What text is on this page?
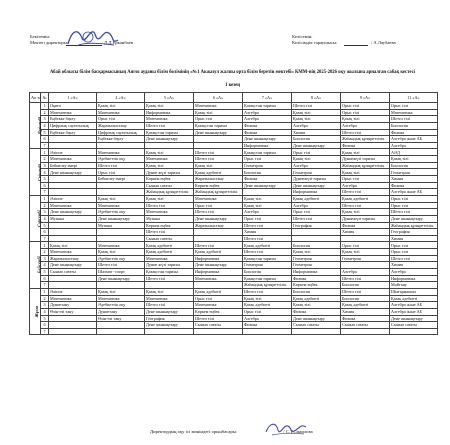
Бекітемін:
Мектеп директоры:	Д.Д.Ерканбаев
Келісемін:
Келісімдік тараушысы:	/ А.Лаубаева
Абай облысы білім басқармасының Аягөз ауданы білім бөлімінің «№1 Акжазул жалпы орта білім беретін мектебі» КММ-нің 2025-2026 оқу жылына арналған сабақ кестесі
1 кезең
Ап та	№	1 «А»	4 «А»	5 «А»	6 «А»	7 «А»	8 «А»	9 «А»	11 «А»
Дүйсенбі	1	Оқиға	Қазақ тілі	Қазақ тілі	Математика	Қазақстан тарихы	Шетел тілі	Орыс тілі	Орыс тілі
	2	Математика	Математика	Информатика	Қазақ тілі	Алгебра	Қазақ тілі	Орыс тілі	Математика
	3	Еңбекке баулу	Орыс тілі	Математика	Орыс тілі	Алгебра	Қазақ тілі	Қазақ тілі	Шетел тілі
	4	Цифрлық сауаттылық	Жаратылыстану	Шетел тілі	Қазақстан тарихы	Физика	Алгебра	Алгебра	Биология
	5	Еңбекке баулу	Цифрлық сауаттылық	Қазақстан тарихы	Дене шынықтыру	Физика	Химия	Шетел тілі	Физика
	6		Еңбекке баулу	Дене шынықтыру		Дене шынықтыру	Биология	Жаһандық құзыреттілік	Алгебра және АБ
	7					Информатика	Дене шынықтыру	Физика	Алгебра
Сейсенбі	1	Әліппе	Математика	Қазақ тілі	Шетел тілі	Қазақстан тарихы	Орыс тілі	Қазақ тілі	АӘД
	2	Математика	Әдебиеттік оқу	Математика	Шетел тілі	Орыс тілі	Қазақ тілі	Дүниежүзі тарихы	Қазақ тілі
	3	Бейнелеу өнері	Шетел тілі	Қазақ тілі	Қазақ тілі	Геометрия	Алгебра	Жаһандық құзыреттілік	Биология
	4	Дене шынықтыру	Орыс тілі	Дүние жүзі тарихы	Қазақ әдебиеті	Биология	Геометрия	Қазақ тілі	Геометрия
	5		Бейнелеу өнері	Көркем еңбек	Жаратылыстану	Физика	Дүниежүзі тарихы	Орыс тілі	Химия
	6			Сынып сағаты	Көркем еңбек	Дене шынықтыру	Дене шынықтыру	Алгебра	Физика
	7			Жаһандық құзыреттілік	Жаһандық құзыреттілік		Информатика	Шетел тілі	Алгебра және АБ
Сәрсенбі	1	Әліппе	Қазақ тілі	Қазақ тілі	Математика	Қазақ тілі	Қазақ әдебиеті	Қазақ әдебиеті	Орыс тілі
	2	Математика	Математика	Шетел тілі	Орыс тілі	Қазақ тілі	Алгебра	Шетел тілі	Орыс тілі
	3	Дене шынықтыру	Әдебиеттік оқу	Математика	Шетел тілі	Алгебра	Орыс тілі	Қазақ тілі	Шетел тілі
	4	Музыка	Дене шынықтыру	Музыка	Дене шынықтыру	Орыс тілі	Шетел тілі	Дүниежүзі тарихы	Дене шынықтыру
	5		Музыка	Көркем еңбек	Жаратылыстану	Шетел тілі	География	Физика	Жаһандық құзыреттілік
	6			Шетел тілі		Химия		Химия	География
	7			Сынып сағаты		Шетел тілі			Химия
Бейсенбі	1	Қазақ тілі	Математика	Қазақ әдебиеті	Шетел тілі	Қазақ әдебиеті	Биология	Орыс тілі	Орыс тілі
	2	Математика	Қазақ тілі	Қазақ әдебиеті	Қазақ әдебиеті	Шетел тілі	Қазақ тілі	Қазақ тілі	Орыс тілі
	3	Жаратылыстану	Әдебиеттік оқу	Математика	Информатика	Қазақстан тарихы	Геометрия	Геометрия	Шетел тілі
	4	Дене шынықтыру	Шетел тілі	Дүние жүзі тарихы	Дене шынықтыру	Геометрия	Геометрия		Химия
	5	Сынып сағаты	Шахмат -спорт	Қазақстан тарихы	Информатика	Биология	Информатика	Алгебра	Алгебра
	6		Дене шынықтыру	Шетел тілі	Математика	Қазақстан тарихы	Физика	Шетел тілі	Информатика
	7					Жаһандық құзыреттілік	Көркем еңбек	Биология	Мәйтану
Жұма	1	Әліппе	Қазақ тілі	Қазақ тілі	Қазақ әдебиеті	Шетел тілі	Биология	Шетел тілі	Шығармашыл
	2	Математика	Математика	Математика	Орыс тілі	Қазақ тілі	Қазақ әдебиеті	Биология	Қазақ әдебиеті
	3	Дүниетану	Әдебиеттік оқу	Шетел тілі	Математика	Қазақ әдебиеті	Қазақ тілі	Қазақ әдебиеті	Алгебра және АБ
	4	Өзін-өзі тану	Дүниетану	Дене шынықтыру	Көркем еңбек	Орыс тілі	Физика	Химия	Алгебра және АБ
	5		Өзін-өзі тану	География	Шетел тілі	Алгебра	Дене шынықтыру	Физика	Дене шынықтыру
	6			Дене шынықтыру	Сынып сағаты	Физика	Сынып сағаты	Сынып сағаты	Сынып сағаты
	7								
Директордың оқу ісі жөніндегі орынбасары:	/ С.Т.Смаилова
